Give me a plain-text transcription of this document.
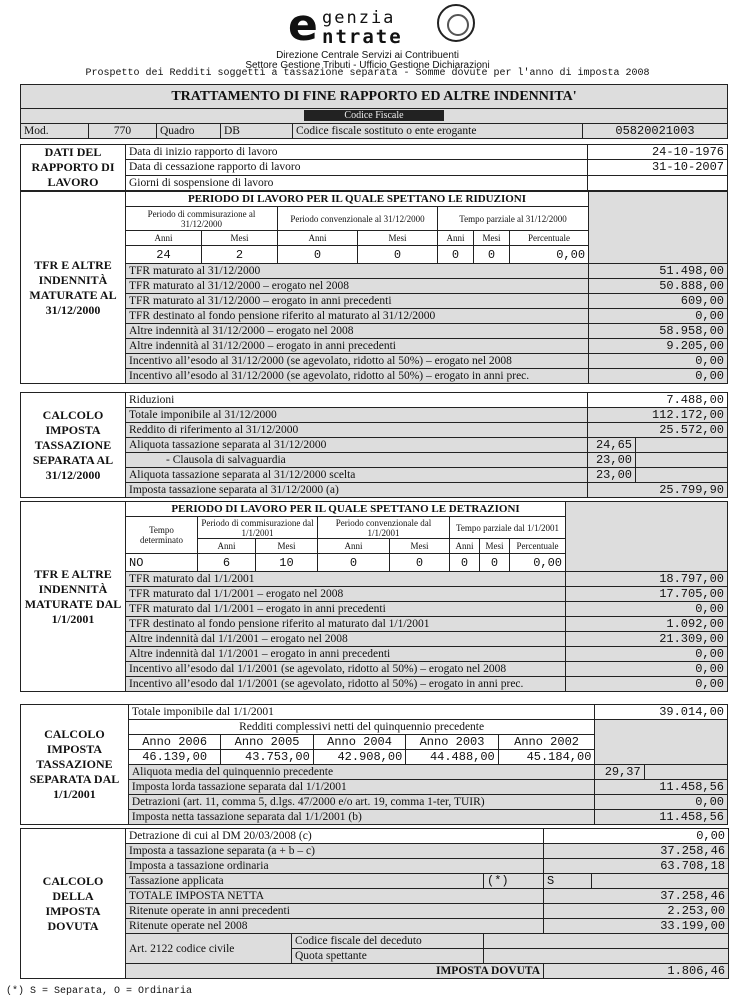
e genzia
ntrate
Direzione Centrale Servizi ai Contribuenti
Settore Gestione Tributi - Ufficio Gestione Dichiarazioni
Prospetto dei Redditi soggetti a tassazione separata - Somme dovute per l'anno di imposta 2008
TRATTAMENTO DI FINE RAPPORTO ED ALTRE INDENNITA'
Codice Fiscale
Mod.	770	Quadro	DB	Codice fiscale sostituto o ente erogante	05820021003
DATI DEL RAPPORTO DI LAVORO	Data di inizio rapporto di lavoro	24-10-1976
	Data di cessazione rapporto di lavoro	31-10-2007
	Giorni di sospensione di lavoro	
TFR E ALTRE INDENNITÀ MATURATE AL 31/12/2000	PERIODO DI LAVORO PER IL QUALE SPETTANO LE RIDUZIONI							
	Periodo di commisurazione al 31/12/2000		Periodo convenzionale al 31/12/2000		Tempo parziale al 31/12/2000			
	Anni	Mesi	Anni	Mesi	Anni	Mesi	Percentuale	
	24	2	0	0	0	0	0,00	
	TFR maturato al 31/12/2000							51.498,00
	TFR maturato al 31/12/2000 – erogato nel 2008							50.888,00
	TFR maturato al 31/12/2000 – erogato in anni precedenti							609,00
	TFR destinato al fondo pensione riferito al maturato al 31/12/2000							0,00
	Altre indennità al 31/12/2000 – erogato nel 2008							58.958,00
	Altre indennità al 31/12/2000 – erogato in anni precedenti							9.205,00
	Incentivo all’esodo al 31/12/2000 (se agevolato, ridotto al 50%) – erogato nel 2008							0,00
	Incentivo all’esodo al 31/12/2000 (se agevolato, ridotto al 50%) – erogato in anni prec.							0,00
CALCOLO IMPOSTA TASSAZIONE SEPARATA AL 31/12/2000	Riduzioni	7.488,00	
	Totale imponibile al 31/12/2000	112.172,00	
	Reddito di riferimento al 31/12/2000	25.572,00	
	Aliquota tassazione separata al 31/12/2000	24,65	
	- Clausola di salvaguardia	23,00	
	Aliquota tassazione separata al 31/12/2000 scelta	23,00	
	Imposta tassazione separata al 31/12/2000 (a)	25.799,90	
TFR E ALTRE INDENNITÀ MATURATE DAL 1/1/2001	PERIODO DI LAVORO PER IL QUALE SPETTANO LE DETRAZIONI								
	Tempo determinato	Periodo di commisurazione dal 1/1/2001		Periodo convenzionale dal 1/1/2001		Tempo parziale dal 1/1/2001			
		Anni	Mesi	Anni	Mesi	Anni	Mesi	Percentuale	
	NO	6	10	0	0	0	0	0,00	
	TFR maturato dal 1/1/2001								18.797,00
	TFR maturato dal 1/1/2001 – erogato nel 2008								17.705,00
	TFR maturato dal 1/1/2001 – erogato in anni precedenti								0,00
	TFR destinato al fondo pensione riferito al maturato dal 1/1/2001								1.092,00
	Altre indennità dal 1/1/2001 – erogato nel 2008								21.309,00
	Altre indennità dal 1/1/2001 – erogato in anni precedenti								0,00
	Incentivo all’esodo dal 1/1/2001 (se agevolato, ridotto al 50%) – erogato nel 2008								0,00
	Incentivo all’esodo dal 1/1/2001 (se agevolato, ridotto al 50%) – erogato in anni prec.								0,00
CALCOLO IMPOSTA TASSAZIONE SEPARATA DAL 1/1/2001	Totale imponibile dal 1/1/2001					39.014,00	
	Redditi complessivi netti del quinquennio precedente						
	Anno 2006	Anno 2005	Anno 2004	Anno 2003	Anno 2002		
	46.139,00	43.753,00	42.908,00	44.488,00	45.184,00		
	Aliquota media del quinquennio precedente					29,37	
	Imposta lorda tassazione separata dal 1/1/2001					11.458,56	
	Detrazioni (art. 11, comma 5, d.lgs. 47/2000 e/o art. 19, comma 1-ter, TUIR)					0,00	
	Imposta netta tassazione separata dal 1/1/2001 (b)					11.458,56	
CALCOLO DELLA IMPOSTA DOVUTA	Detrazione di cui al DM 20/03/2008 (c)			0,00	
	Imposta a tassazione separata (a + b – c)			37.258,46	
	Imposta a tassazione ordinaria			63.708,18	
	Tassazione applicata		(*)	S	
	TOTALE IMPOSTA NETTA			37.258,46	
	Ritenute operate in anni precedenti			2.253,00	
	Ritenute operate nel 2008			33.199,00	
	Art. 2122 codice civile	Codice fiscale del deceduto			
		Quota spettante			
	IMPOSTA DOVUTA			1.806,46	
(*) S = Separata, O = Ordinaria
